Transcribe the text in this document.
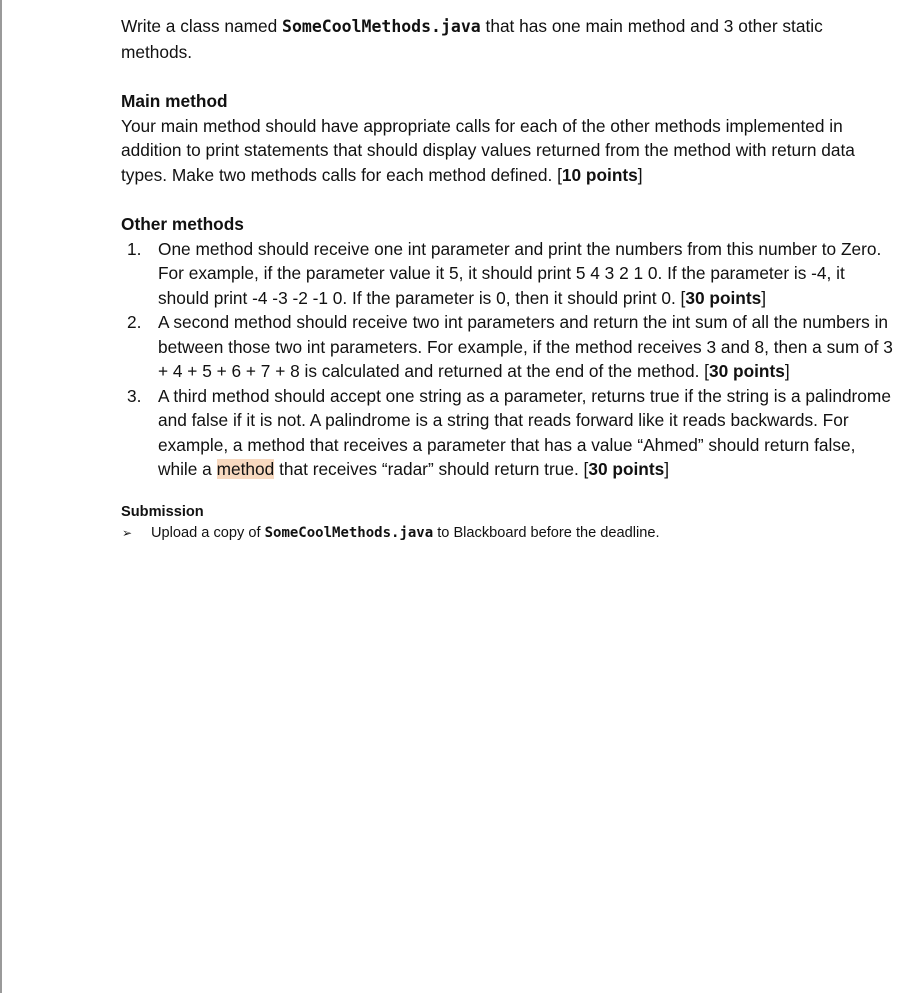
Write a class named SomeCoolMethods.java that has one main method and 3 other static methods.

Main method

Your main method should have appropriate calls for each of the other methods implemented in addition to print statements that should display values returned from the method with return data types. Make two methods calls for each method defined. [10 points]

Other methods

1. One method should receive one int parameter and print the numbers from this number to Zero. For example, if the parameter value it 5, it should print 5 4 3 2 1 0. If the parameter is -4, it should print -4 -3 -2 -1 0. If the parameter is 0, then it should print 0. [30 points]
2. A second method should receive two int parameters and return the int sum of all the numbers in between those two int parameters. For example, if the method receives 3 and 8, then a sum of 3 + 4 + 5 + 6 + 7 + 8 is calculated and returned at the end of the method. [30 points]
3. A third method should accept one string as a parameter, returns true if the string is a palindrome and false if it is not. A palindrome is a string that reads forward like it reads backwards. For example, a method that receives a parameter that has a value “Ahmed” should return false, while a method that receives “radar” should return true. [30 points]

Submission

➢ Upload a copy of SomeCoolMethods.java to Blackboard before the deadline.
